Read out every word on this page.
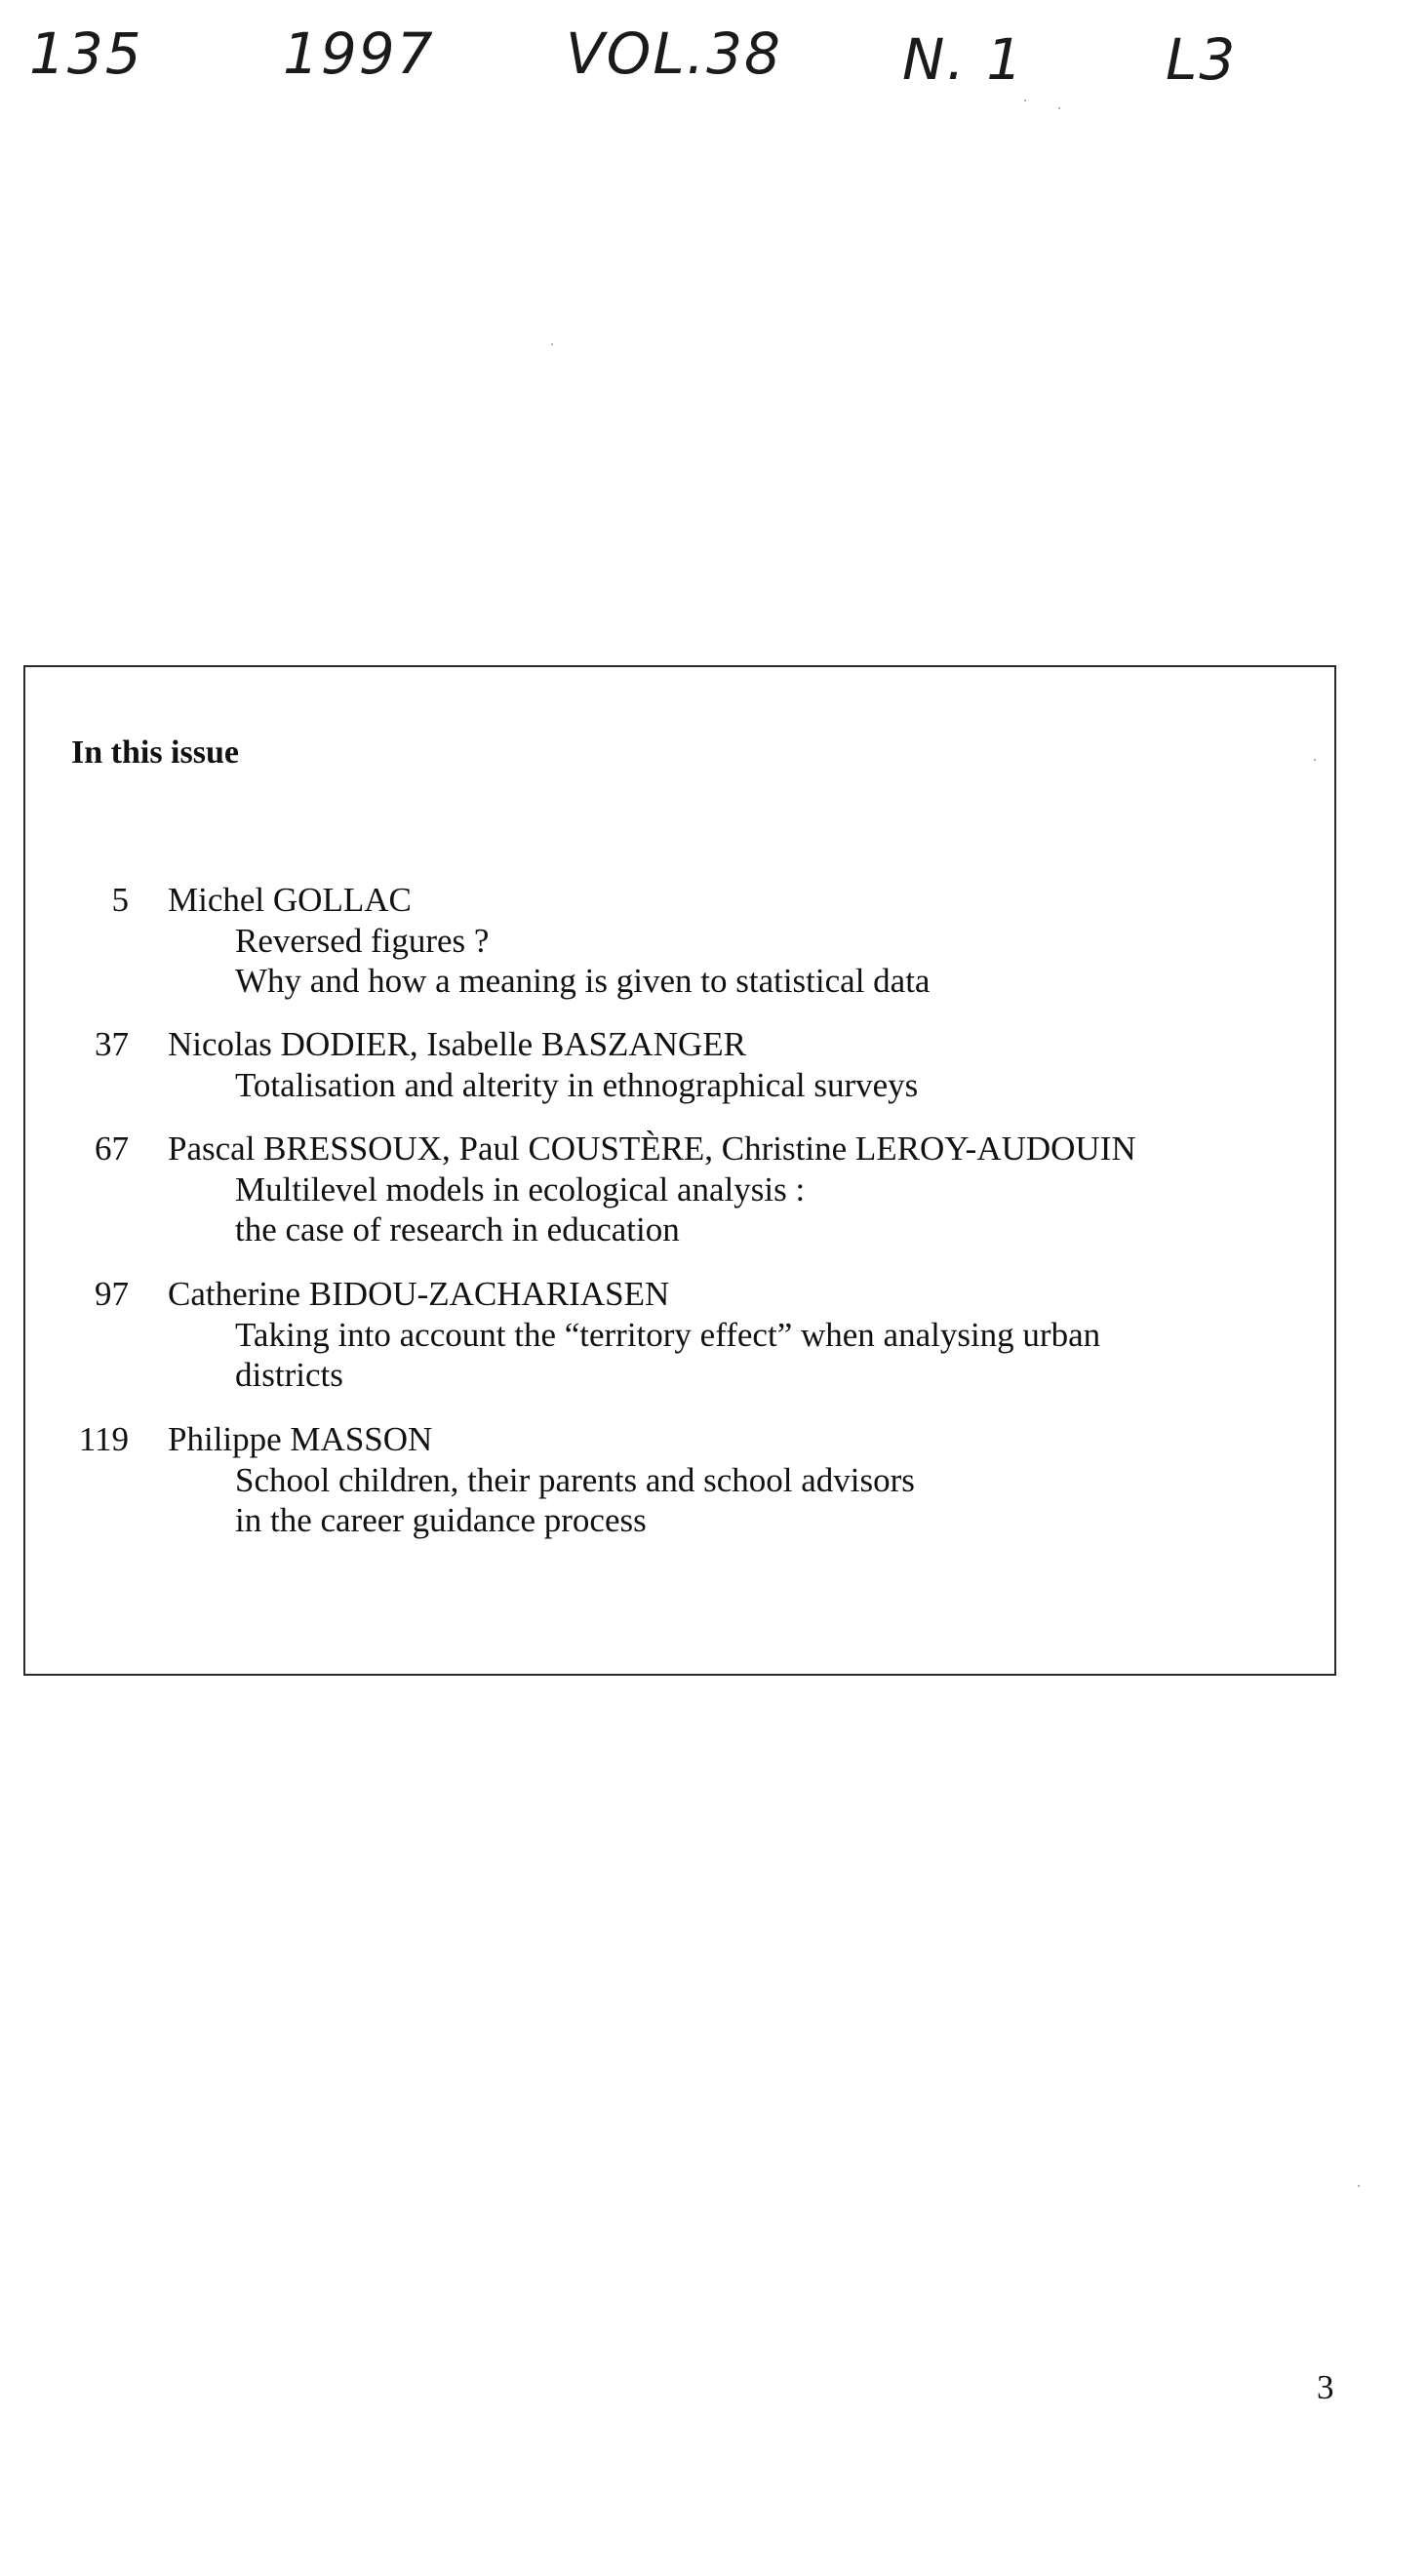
135 1997 VOL.38 N. 1 L3
In this issue
5 Michel GOLLAC
Reversed figures ?
Why and how a meaning is given to statistical data
37 Nicolas DODIER, Isabelle BASZANGER
Totalisation and alterity in ethnographical surveys
67 Pascal BRESSOUX, Paul COUSTÈRE, Christine LEROY-AUDOUIN
Multilevel models in ecological analysis :
the case of research in education
97 Catherine BIDOU-ZACHARIASEN
Taking into account the “territory effect” when analysing urban
districts
119 Philippe MASSON
School children, their parents and school advisors
in the career guidance process
3
